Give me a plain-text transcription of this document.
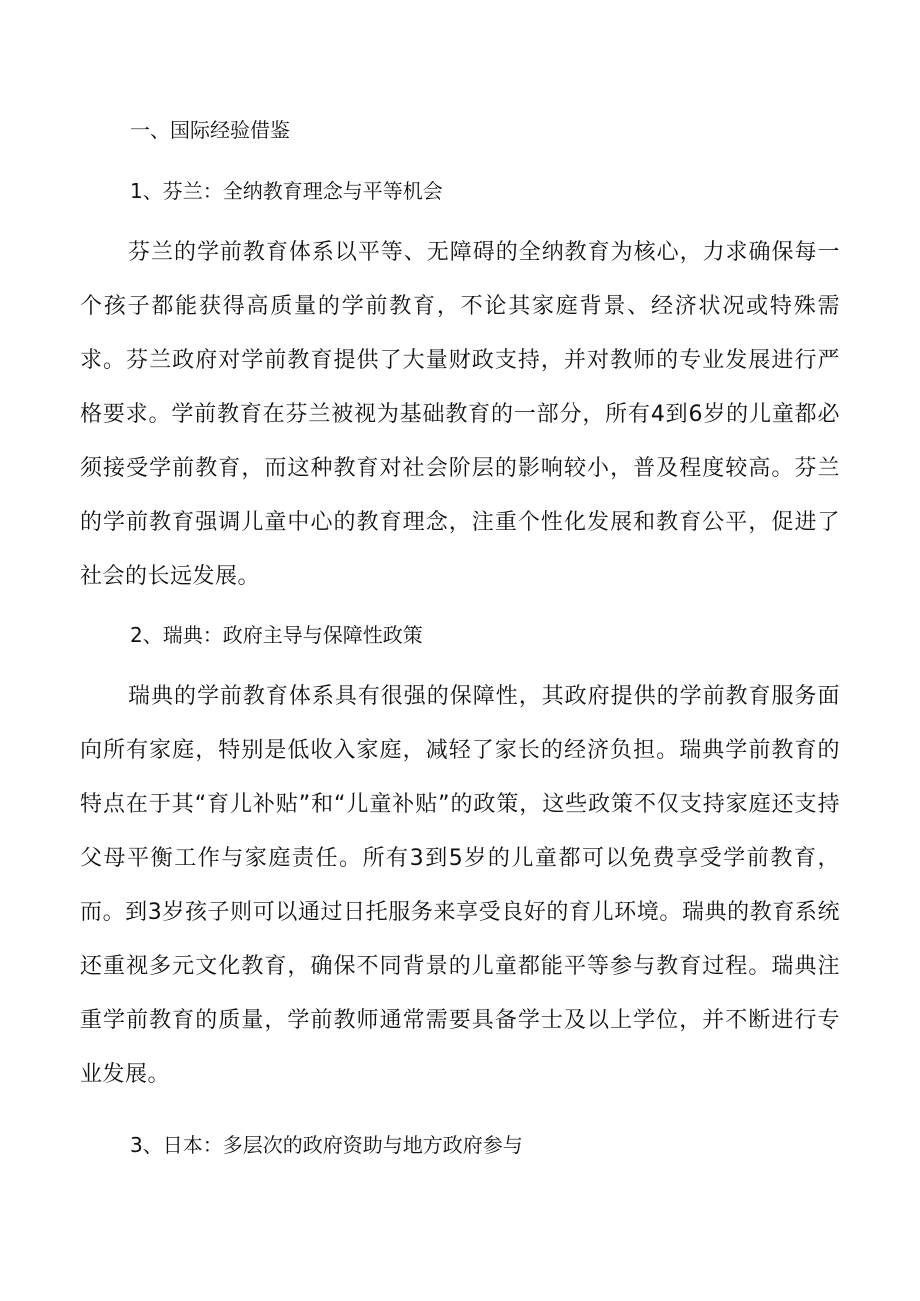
一、国际经验借鉴
1、芬兰：全纳教育理念与平等机会

芬兰的学前教育体系以平等、无障碍的全纳教育为核心，力求确保每一个孩子都能获得高质量的学前教育，不论其家庭背景、经济状况或特殊需求。芬兰政府对学前教育提供了大量财政支持，并对教师的专业发展进行严格要求。学前教育在芬兰被视为基础教育的一部分，所有4到6岁的儿童都必须接受学前教育，而这种教育对社会阶层的影响较小，普及程度较高。芬兰的学前教育强调儿童中心的教育理念，注重个性化发展和教育公平，促进了社会的长远发展。

2、瑞典：政府主导与保障性政策

瑞典的学前教育体系具有很强的保障性，其政府提供的学前教育服务面向所有家庭，特别是低收入家庭，减轻了家长的经济负担。瑞典学前教育的特点在于其“育儿补贴”和“儿童补贴”的政策，这些政策不仅支持家庭还支持父母平衡工作与家庭责任。所有3到5岁的儿童都可以免费享受学前教育，而。到3岁孩子则可以通过日托服务来享受良好的育儿环境。瑞典的教育系统还重视多元文化教育，确保不同背景的儿童都能平等参与教育过程。瑞典注重学前教育的质量，学前教师通常需要具备学士及以上学位，并不断进行专业发展。

3、日本：多层次的政府资助与地方政府参与
